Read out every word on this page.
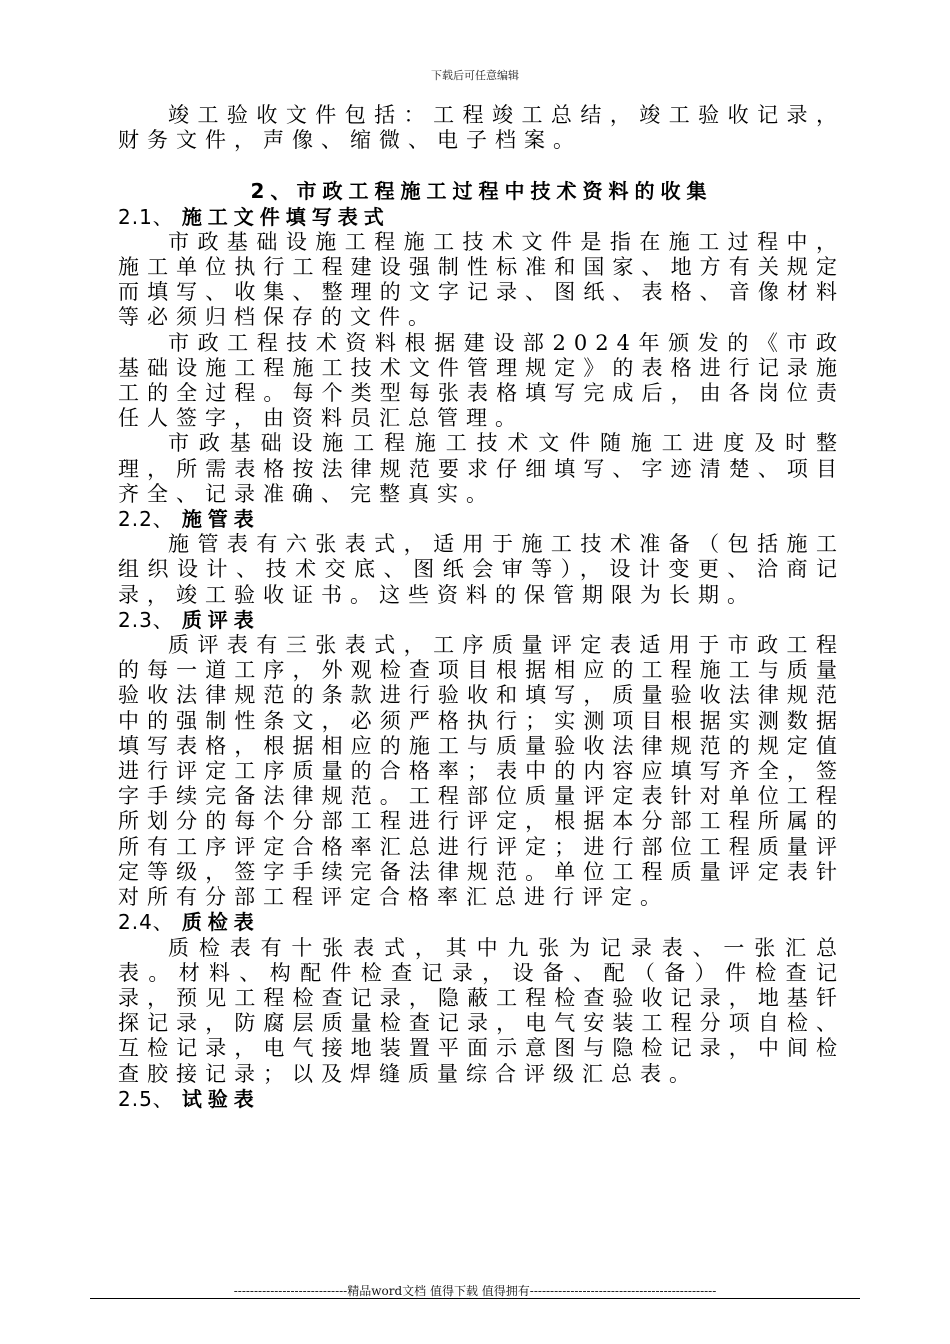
下载后可任意编辑

竣工验收文件包括：工程竣工总结，竣工验收记录，财务文件，声像、缩微、电子档案。

2、市政工程施工过程中技术资料的收集
2.1、 施工文件填写表式

市政基础设施工程施工技术文件是指在施工过程中，施工单位执行工程建设强制性标准和国家、地方有关规定而填写、收集、整理的文字记录、图纸、表格、音像材料等必须归档保存的文件。

市政工程技术资料根据建设部2024年颁发的《市政基础设施工程施工技术文件管理规定》的表格进行记录施工的全过程。每个类型每张表格填写完成后，由各岗位责任人签字，由资料员汇总管理。

市政基础设施工程施工技术文件随施工进度及时整理，所需表格按法律规范要求仔细填写、字迹清楚、项目齐全、记录准确、完整真实。

2.2、 施管表

施管表有六张表式，适用于施工技术准备（包括施工组织设计、技术交底、图纸会审等），设计变更、洽商记录，竣工验收证书。这些资料的保管期限为长期。

2.3、 质评表

质评表有三张表式，工序质量评定表适用于市政工程的每一道工序，外观检查项目根据相应的工程施工与质量验收法律规范的条款进行验收和填写，质量验收法律规范中的强制性条文，必须严格执行；实测项目根据实测数据填写表格，根据相应的施工与质量验收法律规范的规定值进行评定工序质量的合格率；表中的内容应填写齐全，签字手续完备法律规范。工程部位质量评定表针对单位工程所划分的每个分部工程进行评定，根据本分部工程所属的所有工序评定合格率汇总进行评定；进行部位工程质量评定等级，签字手续完备法律规范。单位工程质量评定表针对所有分部工程评定合格率汇总进行评定。

2.4、 质检表

质检表有十张表式，其中九张为记录表、一张汇总表。材料、构配件检查记录，设备、配（备）件检查记录，预见工程检查记录，隐蔽工程检查验收记录，地基钎探记录，防腐层质量检查记录，电气安装工程分项自检、互检记录，电气接地装置平面示意图与隐检记录，中间检查胶接记录；以及焊缝质量综合评级汇总表。

2.5、 试验表
----------------------------精品word文档 值得下载 值得拥有----------------------------------------------
